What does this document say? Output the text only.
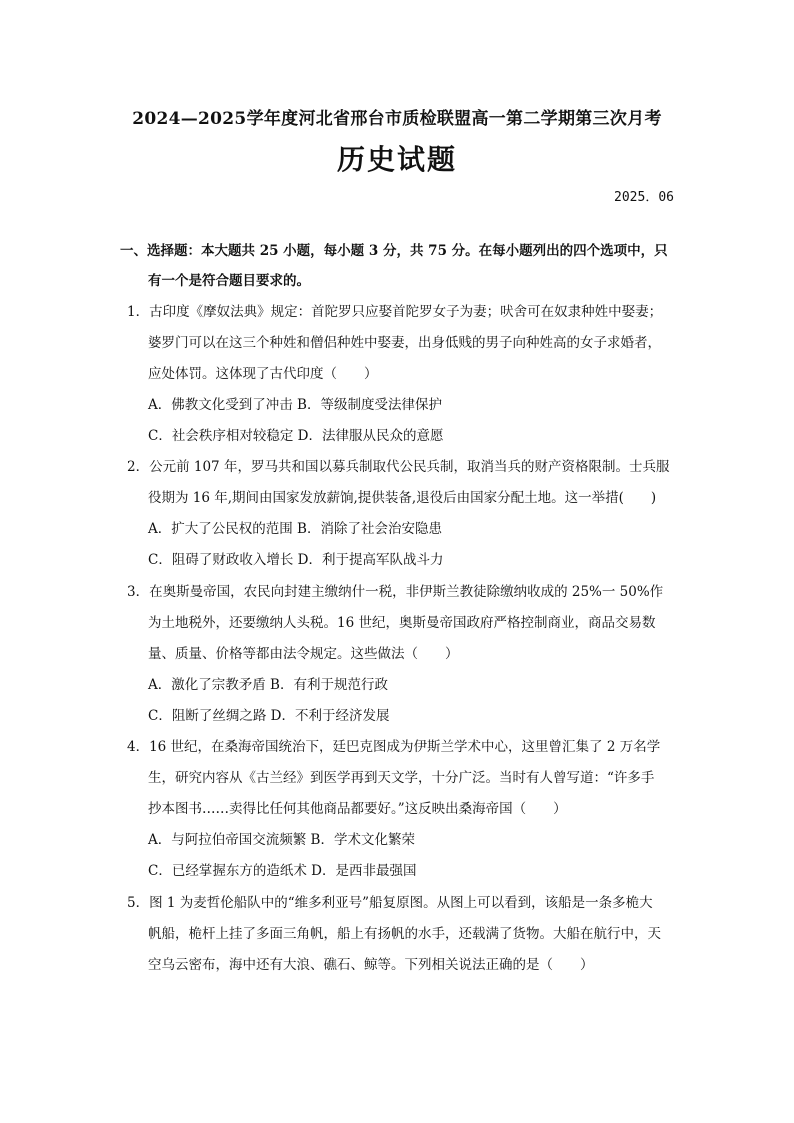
2024—2025学年度河北省邢台市质检联盟高一第二学期第三次月考
历史试题
2025．06
一、选择题：本大题共 25 小题，每小题 3 分，共 75 分。在每小题列出的四个选项中，只
有一个是符合题目要求的。
1．古印度《摩奴法典》规定：首陀罗只应娶首陀罗女子为妻；吠舍可在奴隶种姓中娶妻；
婆罗门可以在这三个种姓和僧侣种姓中娶妻，出身低贱的男子向种姓高的女子求婚者，
应处体罚。这体现了古代印度（　　）
A．佛教文化受到了冲击 B．等级制度受法律保护
C．社会秩序相对较稳定 D．法律服从民众的意愿
2．公元前 107 年，罗马共和国以募兵制取代公民兵制，取消当兵的财产资格限制。士兵服
役期为 16 年,期间由国家发放薪饷,提供装备,退役后由国家分配土地。这一举措(　　)
A．扩大了公民权的范围 B．消除了社会治安隐患
C．阻碍了财政收入增长 D．利于提高军队战斗力
3．在奥斯曼帝国，农民向封建主缴纳什一税，非伊斯兰教徒除缴纳收成的 25%一 50%作
为土地税外，还要缴纳人头税。16 世纪，奥斯曼帝国政府严格控制商业，商品交易数
量、质量、价格等都由法令规定。这些做法（　　）
A．激化了宗教矛盾 B．有利于规范行政
C．阻断了丝绸之路 D．不利于经济发展
4．16 世纪，在桑海帝国统治下，廷巴克图成为伊斯兰学术中心，这里曾汇集了 2 万名学
生，研究内容从《古兰经》到医学再到天文学，十分广泛。当时有人曾写道：“许多手
抄本图书……卖得比任何其他商品都要好。”这反映出桑海帝国（　　）
A．与阿拉伯帝国交流频繁 B．学术文化繁荣
C．已经掌握东方的造纸术 D．是西非最强国
5．图 1 为麦哲伦船队中的“维多利亚号”船复原图。从图上可以看到，该船是一条多桅大
帆船，桅杆上挂了多面三角帆，船上有扬帆的水手，还载满了货物。大船在航行中，天
空乌云密布，海中还有大浪、礁石、鲸等。下列相关说法正确的是（　　）
